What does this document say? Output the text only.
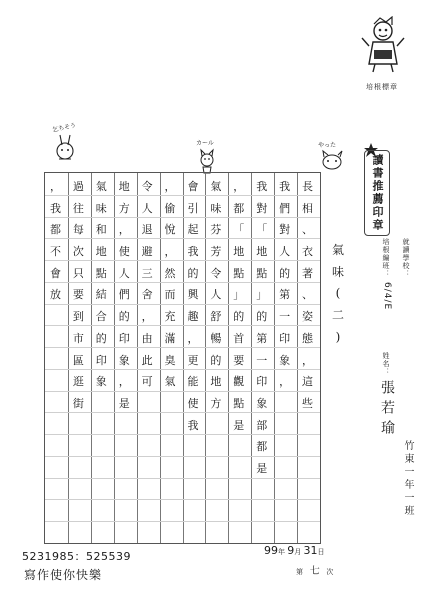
培根標章
乞ちそう
カール	やった
讀書推薦印章
培根編班：
6/4/E
姓名：
張若瑜
就讀學校：
竹東一年一班
氣
味
(
二
)
長
相
、
衣
著
、
姿
態
，
這
些
我
們
對
人
的
第
一
印
象
，
我
對
「
地
點
」
的
第
一
印
象
部
都
是
，
都
「
地
點
」
的
首
要
觀
點
是
氣
味
芬
芳
令
人
舒
暢
的
地
方
會
引
起
我
的
興
趣
，
更
能
使
我
，
偷
悅
，
然
而
充
滿
臭
氣
令
人
退
避
三
舍
，
由
此
可
地
方
，
使
人
們
的
印
象
，
是
氣
味
和
地
點
結
合
的
印
象
過
往
每
次
只
要
到
市
區
逛
街
，
我
都
不
會
放
99年 9月 31日
第 七 次
5231985：525539
寫作使你快樂
